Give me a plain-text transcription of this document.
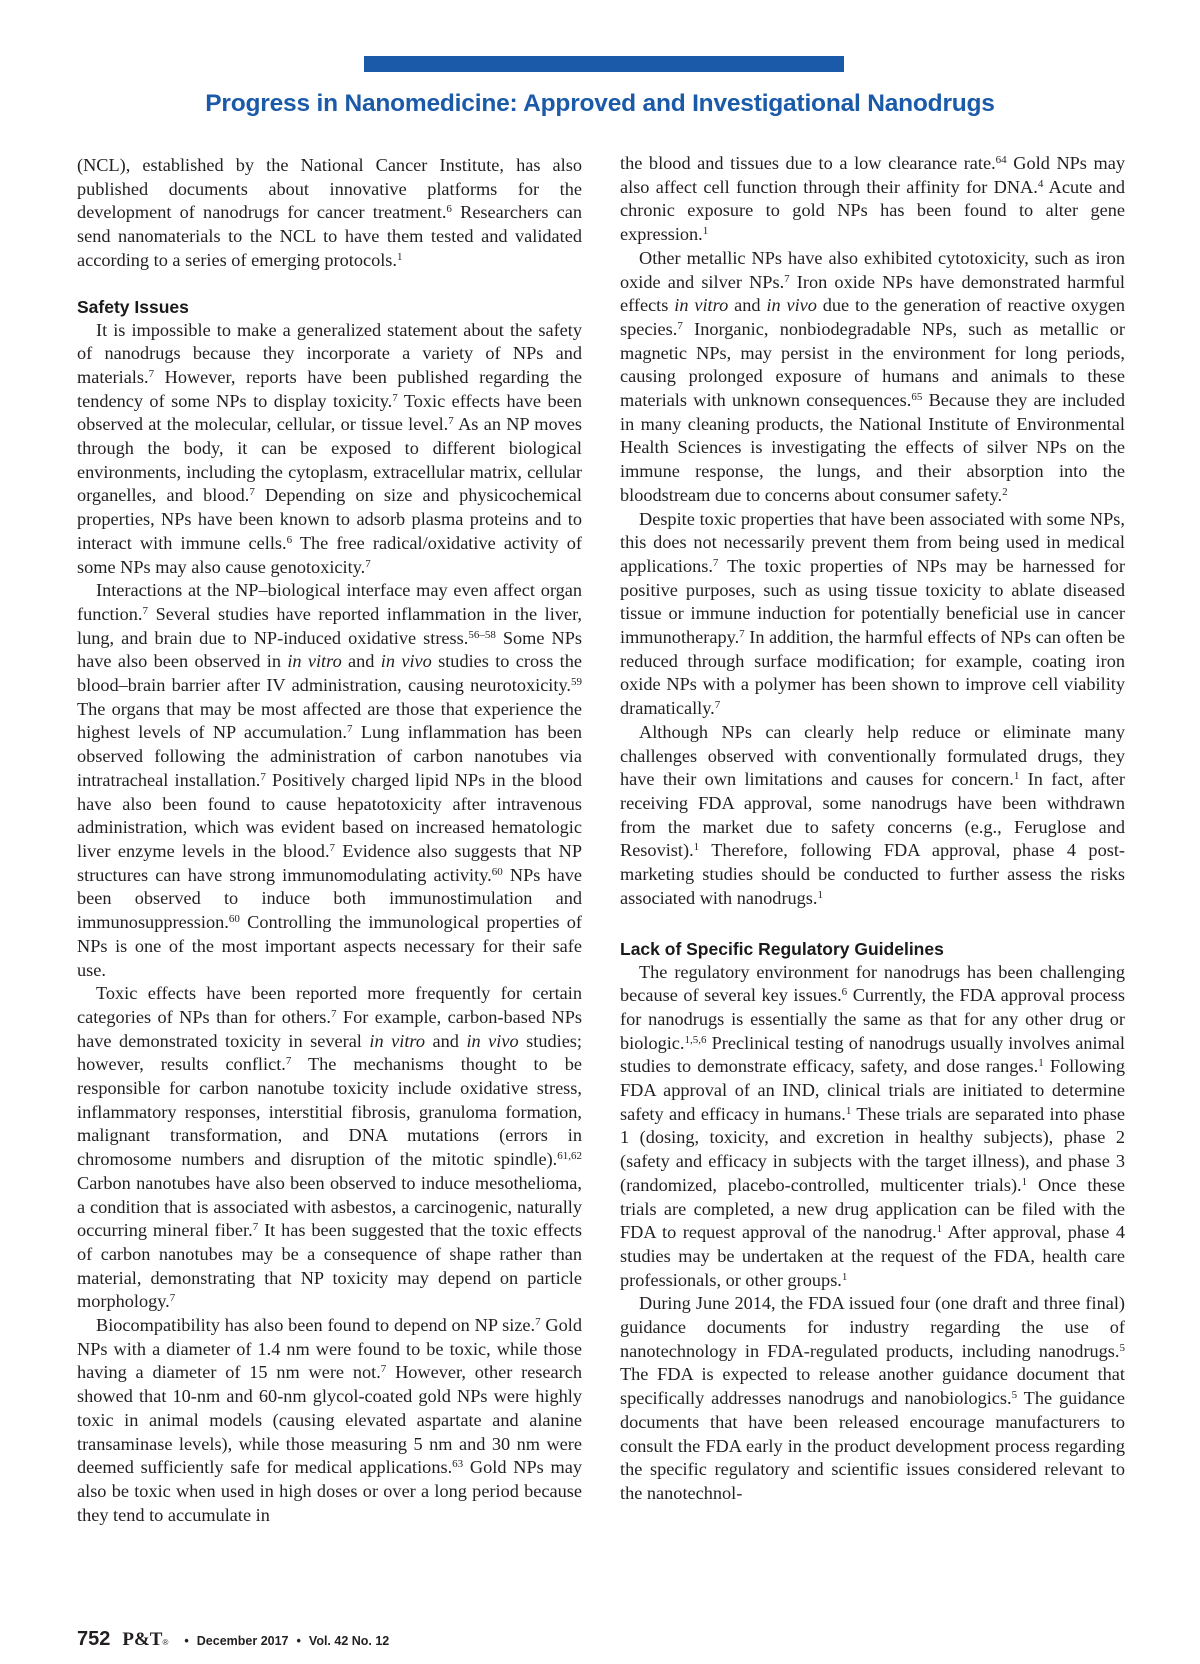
Progress in Nanomedicine: Approved and Investigational Nanodrugs

(NCL), established by the National Cancer Institute, has also published documents about innovative platforms for the development of nanodrugs for cancer treatment.$^6$ Researchers can send nanomaterials to the NCL to have them tested and validated according to a series of emerging protocols.$^1$

Safety Issues

It is impossible to make a generalized statement about the safety of nanodrugs because they incorporate a variety of NPs and materials.$^7$ However, reports have been published regarding the tendency of some NPs to display toxicity.$^7$ Toxic effects have been observed at the molecular, cellular, or tissue level.$^7$ As an NP moves through the body, it can be exposed to different biological environments, including the cytoplasm, extracellular matrix, cellular organelles, and blood.$^7$ Depending on size and physicochemical properties, NPs have been known to adsorb plasma proteins and to interact with immune cells.$^6$ The free radical/oxidative activity of some NPs may also cause genotoxicity.$^7$

Interactions at the NP–biological interface may even affect organ function.$^7$ Several studies have reported inflammation in the liver, lung, and brain due to NP-induced oxidative stress.$^{56-58}$ Some NPs have also been observed in in vitro and in vivo studies to cross the blood–brain barrier after IV administration, causing neurotoxicity.$^{59}$ The organs that may be most affected are those that experience the highest levels of NP accumulation.$^7$ Lung inflammation has been observed following the administration of carbon nanotubes via intratracheal installation.$^7$ Positively charged lipid NPs in the blood have also been found to cause hepatotoxicity after intravenous administration, which was evident based on increased hematologic liver enzyme levels in the blood.$^7$ Evidence also suggests that NP structures can have strong immunomodulating activity.$^{60}$ NPs have been observed to induce both immunostimulation and immunosuppression.$^{60}$ Controlling the immunological properties of NPs is one of the most important aspects necessary for their safe use.

Toxic effects have been reported more frequently for certain categories of NPs than for others.$^7$ For example, carbon-based NPs have demonstrated toxicity in several in vitro and in vivo studies; however, results conflict.$^7$ The mechanisms thought to be responsible for carbon nanotube toxicity include oxidative stress, inflammatory responses, interstitial fibrosis, granuloma formation, malignant transformation, and DNA mutations (errors in chromosome numbers and disruption of the mitotic spindle).$^{61,62}$ Carbon nanotubes have also been observed to induce mesothelioma, a condition that is associated with asbestos, a carcinogenic, naturally occurring mineral fiber.$^7$ It has been suggested that the toxic effects of carbon nanotubes may be a consequence of shape rather than material, demonstrating that NP toxicity may depend on particle morphology.$^7$

Biocompatibility has also been found to depend on NP size.$^7$ Gold NPs with a diameter of 1.4 nm were found to be toxic, while those having a diameter of 15 nm were not.$^7$ However, other research showed that 10-nm and 60-nm glycol-coated gold NPs were highly toxic in animal models (causing elevated aspartate and alanine transaminase levels), while those measuring 5 nm and 30 nm were deemed sufficiently safe for medical applications.$^{63}$ Gold NPs may also be toxic when used in high doses or over a long period because they tend to accumulate in

the blood and tissues due to a low clearance rate.$^{64}$ Gold NPs may also affect cell function through their affinity for DNA.$^4$ Acute and chronic exposure to gold NPs has been found to alter gene expression.$^1$

Other metallic NPs have also exhibited cytotoxicity, such as iron oxide and silver NPs.$^7$ Iron oxide NPs have demonstrated harmful effects in vitro and in vivo due to the generation of reactive oxygen species.$^7$ Inorganic, nonbiodegradable NPs, such as metallic or magnetic NPs, may persist in the environment for long periods, causing prolonged exposure of humans and animals to these materials with unknown consequences.$^{65}$ Because they are included in many cleaning products, the National Institute of Environmental Health Sciences is investigating the effects of silver NPs on the immune response, the lungs, and their absorption into the bloodstream due to concerns about consumer safety.$^2$

Despite toxic properties that have been associated with some NPs, this does not necessarily prevent them from being used in medical applications.$^7$ The toxic properties of NPs may be harnessed for positive purposes, such as using tissue toxicity to ablate diseased tissue or immune induction for potentially beneficial use in cancer immunotherapy.$^7$ In addition, the harmful effects of NPs can often be reduced through surface modification; for example, coating iron oxide NPs with a polymer has been shown to improve cell viability dramatically.$^7$

Although NPs can clearly help reduce or eliminate many challenges observed with conventionally formulated drugs, they have their own limitations and causes for concern.$^1$ In fact, after receiving FDA approval, some nanodrugs have been withdrawn from the market due to safety concerns (e.g., Feruglose and Resovist).$^1$ Therefore, following FDA approval, phase 4 post-marketing studies should be conducted to further assess the risks associated with nanodrugs.$^1$

Lack of Specific Regulatory Guidelines

The regulatory environment for nanodrugs has been challenging because of several key issues.$^6$ Currently, the FDA approval process for nanodrugs is essentially the same as that for any other drug or biologic.$^{1,5,6}$ Preclinical testing of nanodrugs usually involves animal studies to demonstrate efficacy, safety, and dose ranges.$^1$ Following FDA approval of an IND, clinical trials are initiated to determine safety and efficacy in humans.$^1$ These trials are separated into phase 1 (dosing, toxicity, and excretion in healthy subjects), phase 2 (safety and efficacy in subjects with the target illness), and phase 3 (randomized, placebo-controlled, multicenter trials).$^1$ Once these trials are completed, a new drug application can be filed with the FDA to request approval of the nanodrug.$^1$ After approval, phase 4 studies may be undertaken at the request of the FDA, health care professionals, or other groups.$^1$

During June 2014, the FDA issued four (one draft and three final) guidance documents for industry regarding the use of nanotechnology in FDA-regulated products, including nanodrugs.$^5$ The FDA is expected to release another guidance document that specifically addresses nanodrugs and nanobiologics.$^5$ The guidance documents that have been released encourage manufacturers to consult the FDA early in the product development process regarding the specific regulatory and scientific issues considered relevant to the nanotechnol-

752 P&T ® • December 2017 • Vol. 42 No. 12
